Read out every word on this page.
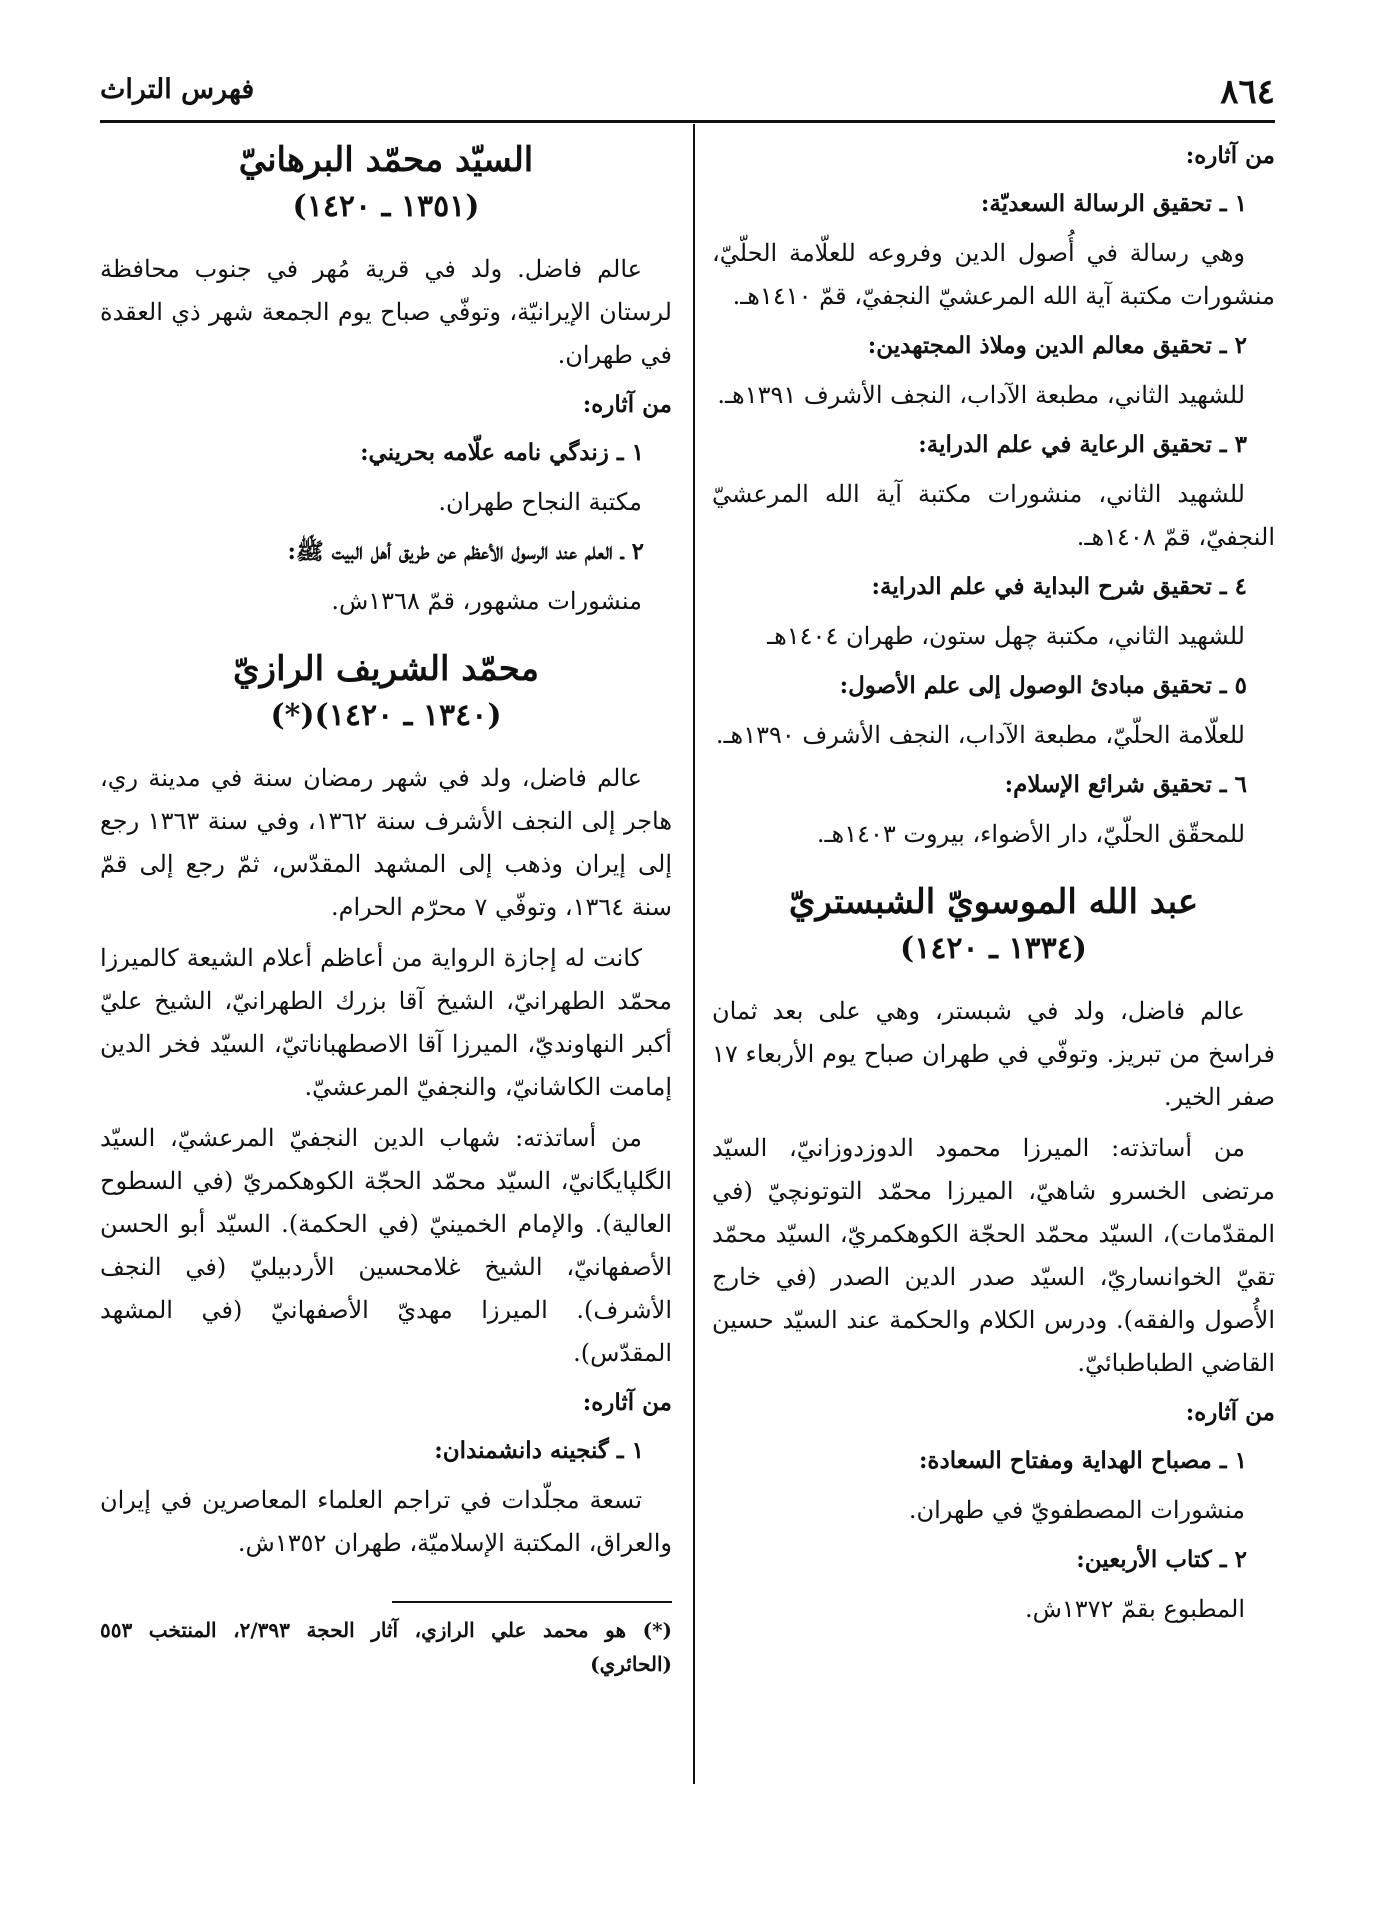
٨٦٤
فهرس التراث
من آثاره:
١ ـ تحقيق الرسالة السعديّة:

وهي رسالة في أُصول الدين وفروعه للعلّامة الحلّيّ، منشورات مكتبة آية الله المرعشيّ النجفيّ، قمّ ١٤١٠هـ.

٢ ـ تحقيق معالم الدين وملاذ المجتهدين:

للشهيد الثاني، مطبعة الآداب، النجف الأشرف ١٣٩١هـ.

٣ ـ تحقيق الرعاية في علم الدراية:

للشهيد الثاني، منشورات مكتبة آية الله المرعشيّ النجفيّ، قمّ ١٤٠٨هـ.

٤ ـ تحقيق شرح البداية في علم الدراية:

للشهيد الثاني، مكتبة چهل ستون، طهران ١٤٠٤هـ

٥ ـ تحقيق مبادئ الوصول إلى علم الأصول:

للعلّامة الحلّيّ، مطبعة الآداب، النجف الأشرف ١٣٩٠هـ.

٦ ـ تحقيق شرائع الإسلام:

للمحقّق الحلّيّ، دار الأضواء، بيروت ١٤٠٣هـ.

عبد الله الموسويّ الشبستريّ
(١٣٣٤ ـ ١٤٢٠)

عالم فاضل، ولد في شبستر، وهي على بعد ثمان فراسخ من تبريز. وتوفّي في طهران صباح يوم الأربعاء ١٧ صفر الخير.

من أساتذته: الميرزا محمود الدوزدوزانيّ، السيّد مرتضى الخسرو شاهيّ، الميرزا محمّد التوتونچيّ (في المقدّمات)، السيّد محمّد الحجّة الكوهكمريّ، السيّد محمّد تقيّ الخوانساريّ، السيّد صدر الدين الصدر (في خارج الأُصول والفقه). ودرس الكلام والحكمة عند السيّد حسين القاضي الطباطبائيّ.

من آثاره:
١ ـ مصباح الهداية ومفتاح السعادة:

منشورات المصطفويّ في طهران.

٢ ـ كتاب الأربعين:

المطبوع بقمّ ١٣٧٢ش.

السيّد محمّد البرهانيّ
(١٣٥١ ـ ١٤٢٠)

عالم فاضل. ولد في قرية مُهر في جنوب محافظة لرستان الإيرانيّة، وتوفّي صباح يوم الجمعة شهر ذي العقدة في طهران.

من آثاره:
١ ـ زندگي نامه علّامه بحريني:

مكتبة النجاح طهران.

٢ ـ العلم عند الرسول الأعظم عن طريق أهل البيت ﷺ:

منشورات مشهور، قمّ ١٣٦٨ش.

محمّد الشريف الرازيّ
(١٣٤٠ ـ ١٤٢٠)(*)

عالم فاضل، ولد في شهر رمضان سنة في مدينة ري، هاجر إلى النجف الأشرف سنة ١٣٦٢، وفي سنة ١٣٦٣ رجع إلى إيران وذهب إلى المشهد المقدّس، ثمّ رجع إلى قمّ سنة ١٣٦٤، وتوفّي ٧ محرّم الحرام.

كانت له إجازة الرواية من أعاظم أعلام الشيعة كالميرزا محمّد الطهرانيّ، الشيخ آقا بزرك الطهرانيّ، الشيخ عليّ أكبر النهاونديّ، الميرزا آقا الاصطهباناتيّ، السيّد فخر الدين إمامت الكاشانيّ، والنجفيّ المرعشيّ.

من أساتذته: شهاب الدين النجفيّ المرعشيّ، السيّد الگلپايگانيّ، السيّد محمّد الحجّة الكوهكمريّ (في السطوح العالية). والإمام الخمينيّ (في الحكمة). السيّد أبو الحسن الأصفهانيّ، الشيخ غلامحسين الأردبيليّ (في النجف الأشرف). الميرزا مهديّ الأصفهانيّ (في المشهد المقدّس).

من آثاره:
١ ـ گنجينه دانشمندان:

تسعة مجلّدات في تراجم العلماء المعاصرين في إيران والعراق، المكتبة الإسلاميّة، طهران ١٣٥٢ش.

(*) هو محمد علي الرازي، آثار الحجة ٢/٣٩٣، المنتخب ٥٥٣ (الحائري)
